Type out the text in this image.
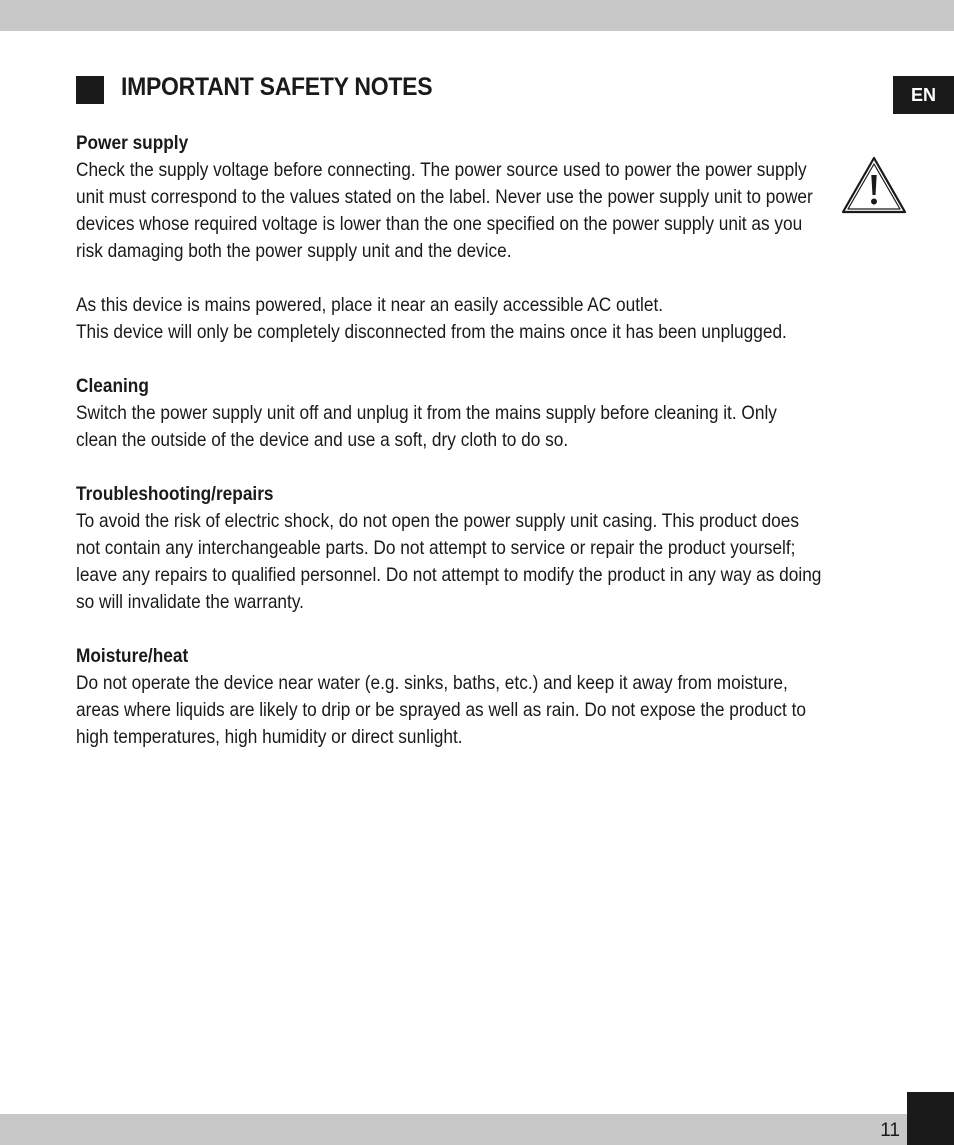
IMPORTANT SAFETY NOTES	EN
Power supply

Check the supply voltage before connecting. The power source used to power the power supply
unit must correspond to the values stated on the label. Never use the power supply unit to power
devices whose required voltage is lower than the one specified on the power supply unit as you
risk damaging both the power supply unit and the device.

As this device is mains powered, place it near an easily accessible AC outlet.
This device will only be completely disconnected from the mains once it has been unplugged.

Cleaning

Switch the power supply unit off and unplug it from the mains supply before cleaning it. Only
clean the outside of the device and use a soft, dry cloth to do so.

Troubleshooting/repairs

To avoid the risk of electric shock, do not open the power supply unit casing. This product does
not contain any interchangeable parts. Do not attempt to service or repair the product yourself;
leave any repairs to qualified personnel. Do not attempt to modify the product in any way as doing
so will invalidate the warranty.

Moisture/heat

Do not operate the device near water (e.g. sinks, baths, etc.) and keep it away from moisture,
areas where liquids are likely to drip or be sprayed as well as rain. Do not expose the product to
high temperatures, high humidity or direct sunlight.

11
